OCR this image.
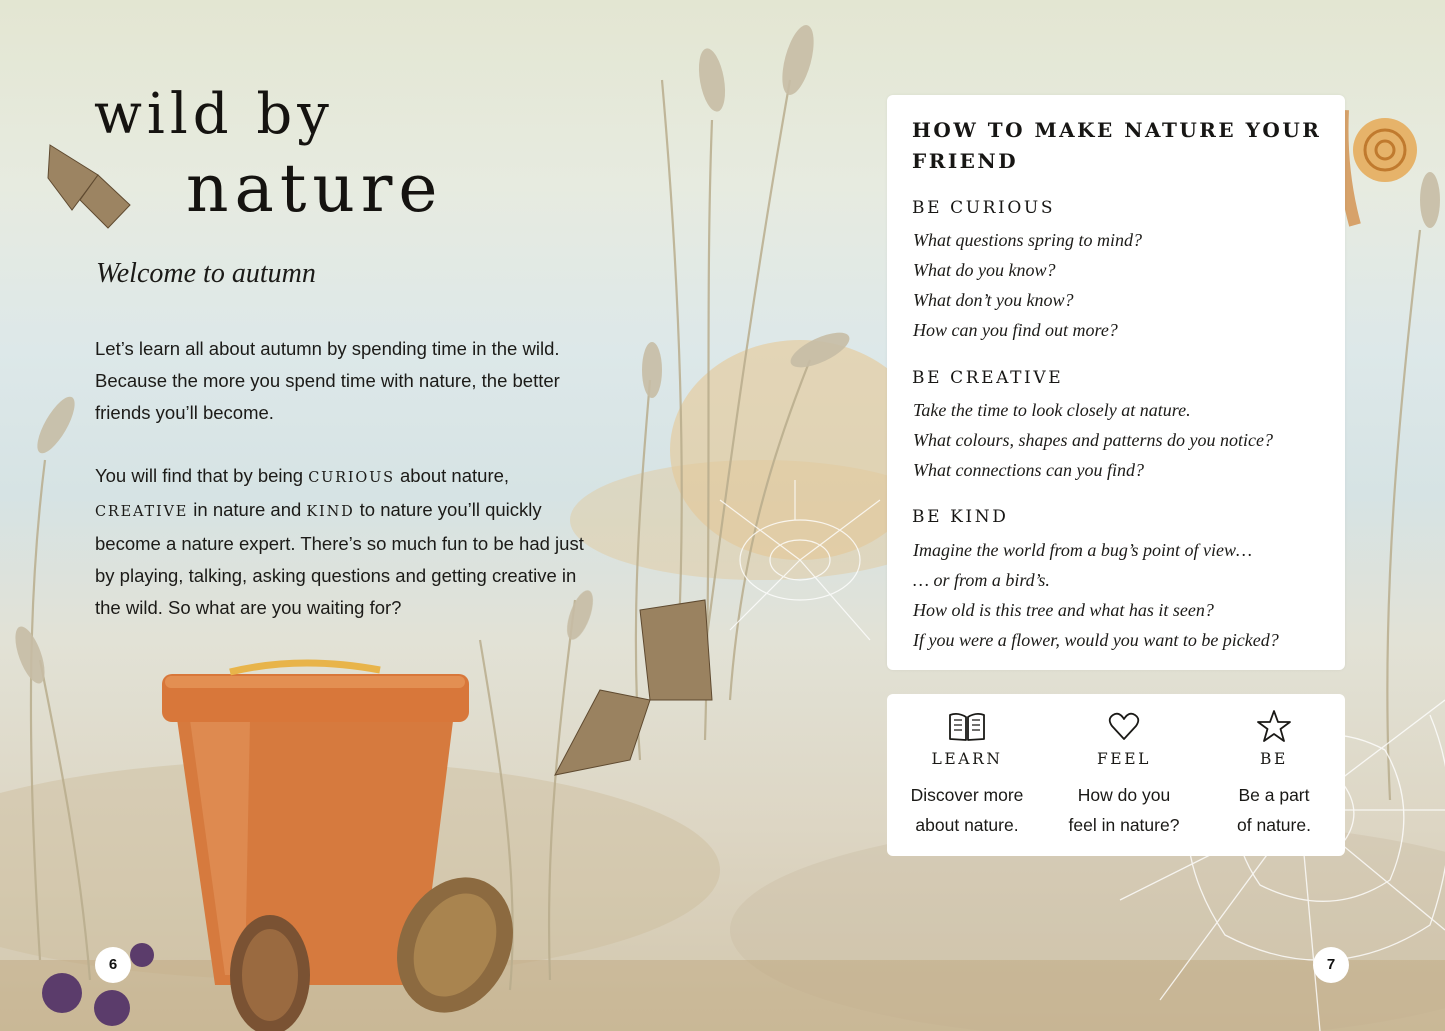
wild by
nature
Welcome to autumn

Let’s learn all about autumn by spending time in the wild. Because the more you spend time with nature, the better friends you’ll become.

You will find that by being CURIOUS about nature, CREATIVE in nature and KIND to nature you’ll quickly become a nature expert. There’s so much fun to be had just by playing, talking, asking questions and getting creative in the wild. So what are you waiting for?

HOW TO MAKE NATURE YOUR FRIEND
BE CURIOUS
What questions spring to mind?
What do you know?
What don’t you know?
How can you find out more?
BE CREATIVE
Take the time to look closely at nature.
What colours, shapes and patterns do you notice?
What connections can you find?
BE KIND
Imagine the world from a bug’s point of view…
… or from a bird’s.
How old is this tree and what has it seen?
If you were a flower, would you want to be picked?
LEARN
Discover more
about nature.
FEEL
How do you
feel in nature?
BE
Be a part
of nature.
6	7
